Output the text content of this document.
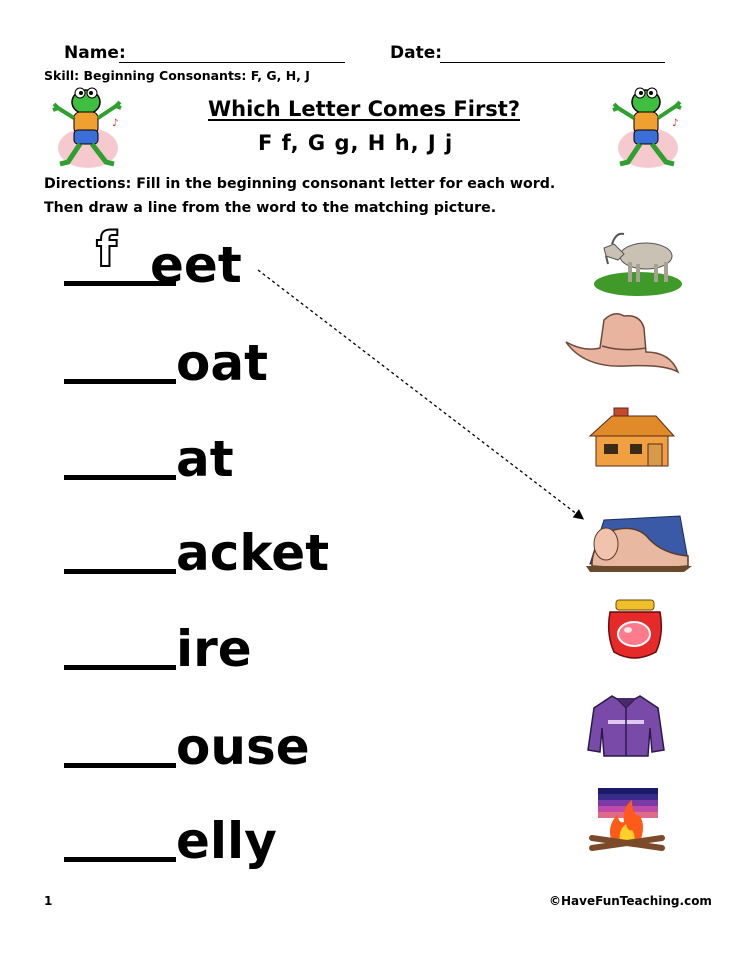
Name:	Date:
Skill: Beginning Consonants: F, G, H, J
♪	♪
Which Letter Comes First?
F f, G g, H h, J j
Directions: Fill in the beginning consonant letter for each word.
Then draw a line from the word to the matching picture.
f eet
oat
at
acket
ire
ouse
elly
1	©HaveFunTeaching.com
